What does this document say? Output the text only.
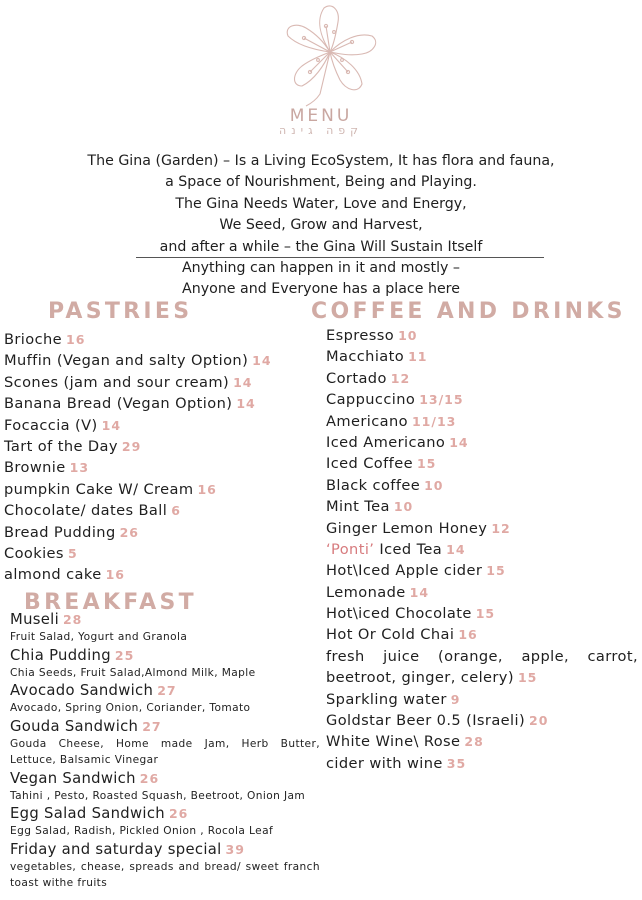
MENU
קפה גינה
The Gina (Garden) – Is a Living EcoSystem, It has flora and fauna,
a Space of Nourishment, Being and Playing.
The Gina Needs Water, Love and Energy,
We Seed, Grow and Harvest,
and after a while – the Gina Will Sustain Itself
Anything can happen in it and mostly –
Anyone and Everyone has a place here
PASTRIES
Brioche 16
Muffin (Vegan and salty Option) 14
Scones (jam and sour cream) 14
Banana Bread (Vegan Option) 14
Focaccia (V) 14
Tart of the Day 29
Brownie 13
pumpkin Cake W/ Cream 16
Chocolate/ dates Ball 6
Bread Pudding 26
Cookies 5
almond cake 16
BREAKFAST
Museli 28
Fruit Salad, Yogurt and Granola
Chia Pudding 25
Chia Seeds, Fruit Salad,Almond Milk, Maple
Avocado Sandwich 27
Avocado, Spring Onion, Coriander, Tomato
Gouda Sandwich 27
Gouda Cheese, Home made Jam, Herb Butter, Lettuce, Balsamic Vinegar
Vegan Sandwich 26
Tahini , Pesto, Roasted Squash, Beetroot, Onion Jam
Egg Salad Sandwich 26
Egg Salad, Radish, Pickled Onion , Rocola Leaf
Friday and saturday special 39
vegetables, chease, spreads and bread/ sweet franch toast withe fruits
COFFEE AND DRINKS
Espresso 10
Macchiato 11
Cortado 12
Cappuccino 13/15
Americano 11/13
Iced Americano 14
Iced Coffee 15
Black coffee 10
Mint Tea 10
Ginger Lemon Honey 12
‘Ponti’ Iced Tea 14
Hot\Iced Apple cider 15
Lemonade 14
Hot\iced Chocolate 15
Hot Or Cold Chai 16
fresh juice (orange, apple, carrot, beetroot, ginger, celery) 15
Sparkling water 9
Goldstar Beer 0.5 (Israeli) 20
White Wine\ Rose 28
cider with wine 35
